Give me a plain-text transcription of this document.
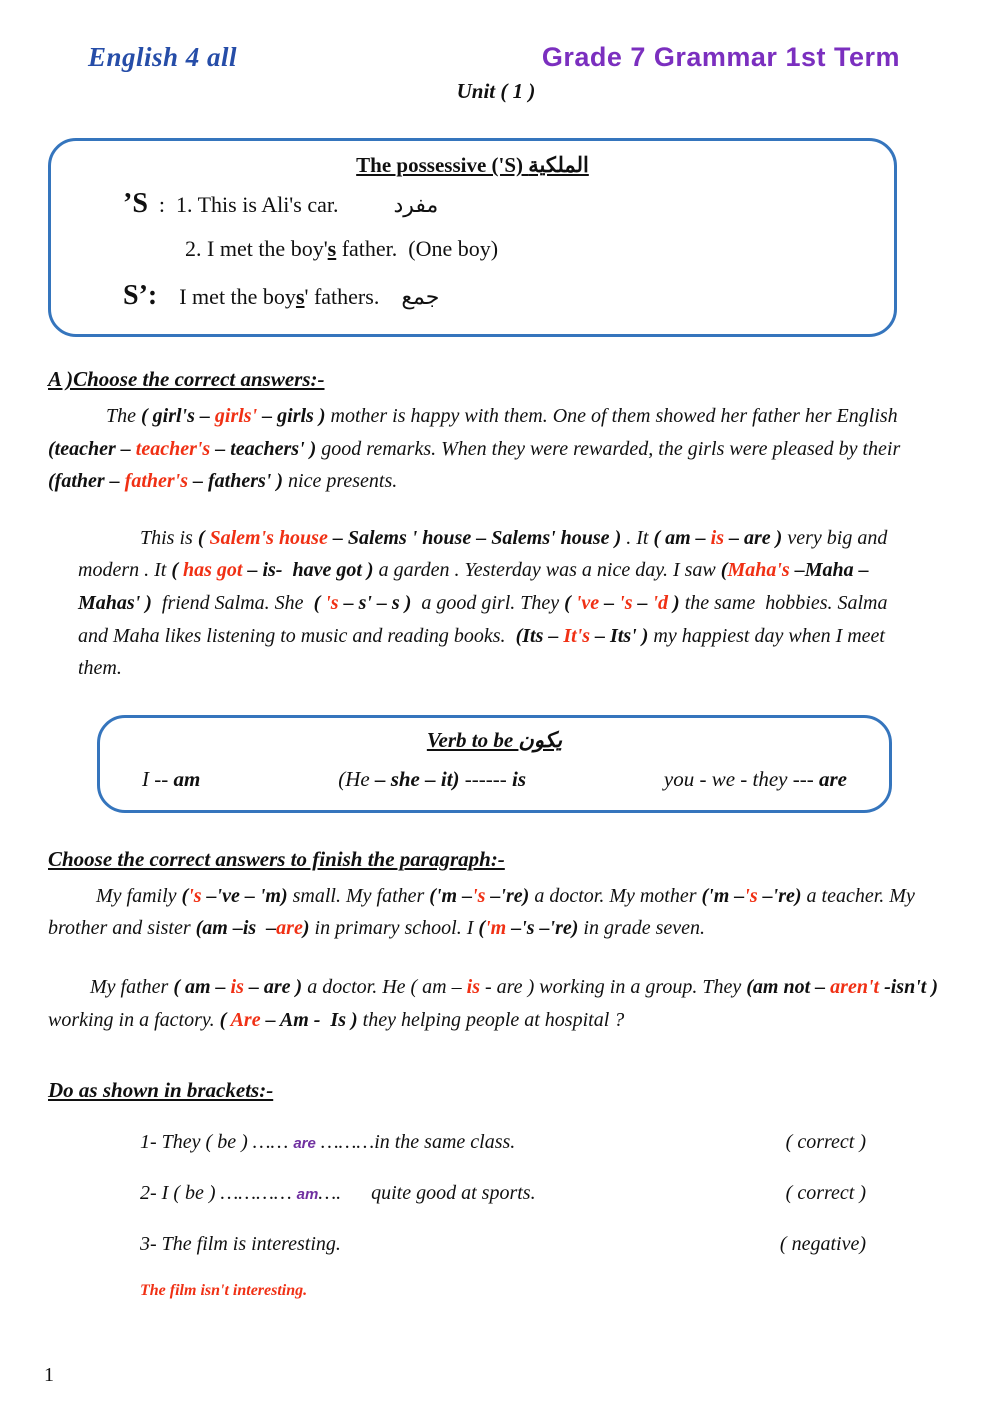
English 4 all	Grade 7 Grammar 1st Term
Unit ( 1 )
The possessive ('S) الملكية
’S  :  1. This is Ali's car.          مفرد
2. I met the boy's father.  (One boy)
S’:    I met the boys' fathers.    جمع
A )Choose the correct answers:-
The ( girl's – girls' – girls ) mother is happy with them. One of them showed her father her English (teacher – teacher's – teachers' ) good remarks. When they were rewarded, the girls were pleased by their  (father – father's – fathers' ) nice presents.
This is ( Salem's house – Salems ' house – Salems' house ) . It ( am – is – are ) very big and modern . It ( has got – is-  have got ) a garden . Yesterday was a nice day. I saw (Maha's –Maha – Mahas' )  friend Salma. She  ( 's – s' – s )  a good girl. They ( 've – 's – 'd ) the same  hobbies. Salma and Maha likes listening to music and reading books.  (Its – It's – Its' ) my happiest day when I meet them.
Verb to be يكون
I -- am	(He – she – it) ------ is	you - we - they --- are
Choose the correct answers to finish the paragraph:-
My family ('s –'ve – 'm) small. My father ('m –'s –'re) a doctor. My mother ('m –'s –'re) a teacher. My brother and sister (am –is  –are) in primary school. I ('m –'s –'re) in grade seven.
My father ( am – is – are ) a doctor. He ( am – is - are ) working in a group. They (am not – aren't -isn't ) working in a factory. ( Are – Am -  Is ) they helping people at hospital ?
Do as shown in brackets:-
1- They ( be ) …… are ………in the same class.	( correct )
2- I ( be ) ………… am….      quite good at sports.	( correct )
3- The film is interesting.	( negative)
The film isn't interesting.
1
